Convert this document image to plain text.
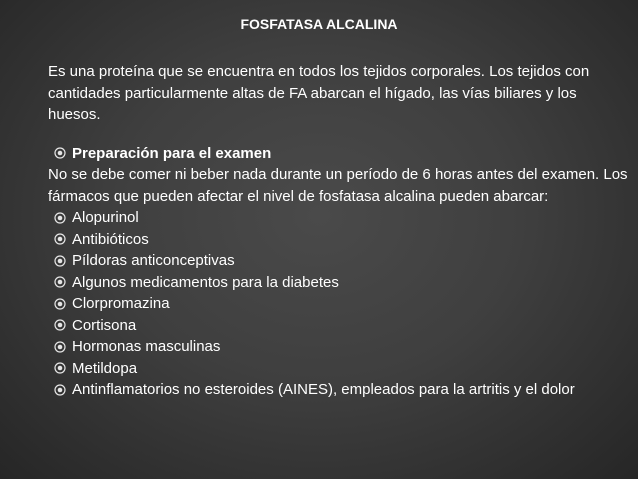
FOSFATASA ALCALINA

Es una proteína que se encuentra en todos los tejidos corporales. Los tejidos con cantidades particularmente altas de FA abarcan el hígado, las vías biliares y los huesos.

Preparación para el examen

No se debe comer ni beber nada durante un período de 6 horas antes del examen. Los fármacos que pueden afectar el nivel de fosfatasa alcalina pueden abarcar:

Alopurinol
Antibióticos
Píldoras anticonceptivas
Algunos medicamentos para la diabetes
Clorpromazina
Cortisona
Hormonas masculinas
Metildopa
Antinflamatorios no esteroides (AINES), empleados para la artritis y el dolor
